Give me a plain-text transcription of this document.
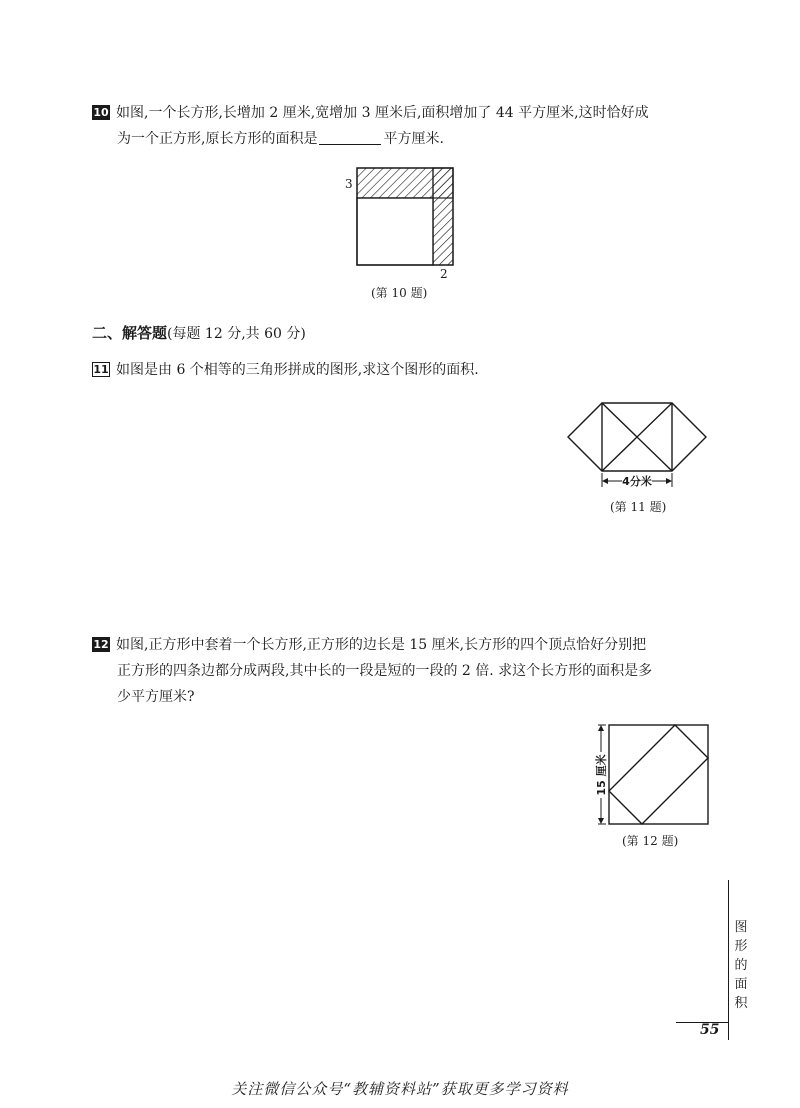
10 如图,一个长方形,长增加 2 厘米,宽增加 3 厘米后,面积增加了 44 平方厘米,这时恰好成
为一个正方形,原长方形的面积是	平方厘米.
3
2
(第 10 题)
二、解答题(每题 12 分,共 60 分)
11 如图是由 6 个相等的三角形拼成的图形,求这个图形的面积.
4分米
(第 11 题)
12 如图,正方形中套着一个长方形,正方形的边长是 15 厘米,长方形的四个顶点恰好分别把
正方形的四条边都分成两段,其中长的一段是短的一段的 2 倍. 求这个长方形的面积是多
少平方厘米?
15 厘米
(第 12 题)
图形的面积
55
关注微信公众号“教辅资料站”获取更多学习资料
